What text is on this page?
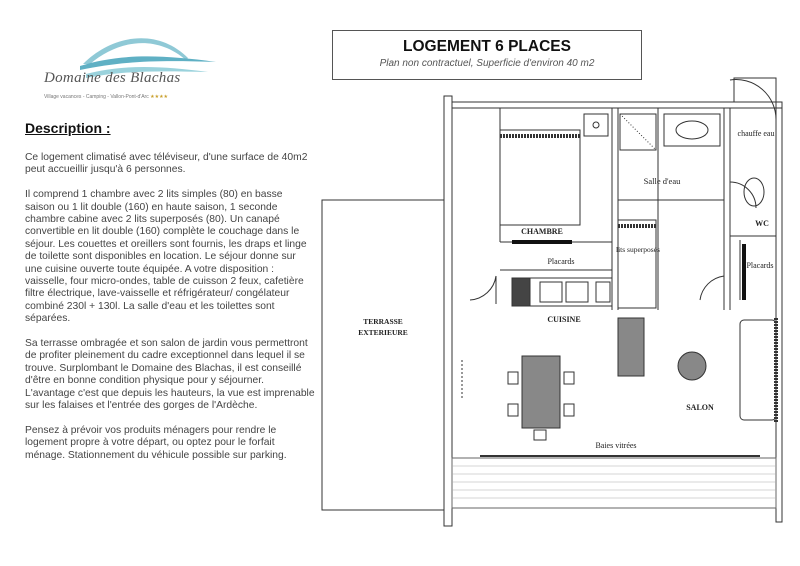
Domaine des Blachas
Village vacances - Camping - Vallon-Pont-d'Arc ★★★★
Description :

Ce logement climatisé avec téléviseur, d'une surface de 40m2 peut accueillir jusqu'à 6 personnes.

Il comprend 1 chambre avec 2 lits simples (80) en basse saison ou 1 lit double (160) en haute saison, 1 seconde chambre cabine avec 2 lits superposés (80). Un canapé convertible en lit double (160) complète le couchage dans le séjour. Les couettes et oreillers sont fournis, les draps et linge de toilette sont disponibles en location. Le séjour donne sur une cuisine ouverte toute équipée. A votre disposition : vaisselle, four micro-ondes, table de cuisson 2 feux, cafetière filtre électrique, lave-vaisselle et réfrigérateur/ congélateur combiné 230l + 130l. La salle d'eau et les toilettes sont séparées.

Sa terrasse ombragée et son salon de jardin vous permettront de profiter pleinement du cadre exceptionnel dans lequel il se trouve. Surplombant le Domaine des Blachas, il est conseillé d'être en bonne condition physique pour y séjourner. L'avantage c'est que depuis les hauteurs, la vue est imprenable sur les falaises et l'entrée des gorges de l'Ardèche.

Pensez à prévoir vos produits ménagers pour rendre le logement propre à votre départ, ou optez pour le forfait ménage. Stationnement du véhicule possible sur parking.

LOGEMENT 6 PLACES
Plan non contractuel, Superficie d'environ 40 m2
TERRASSE EXTERIEURE
CHAMBRE
Placards
lits superposés
Salle d'eau
chauffe eau
WC
Placards
CUISINE
SALON
Baies vitrées
